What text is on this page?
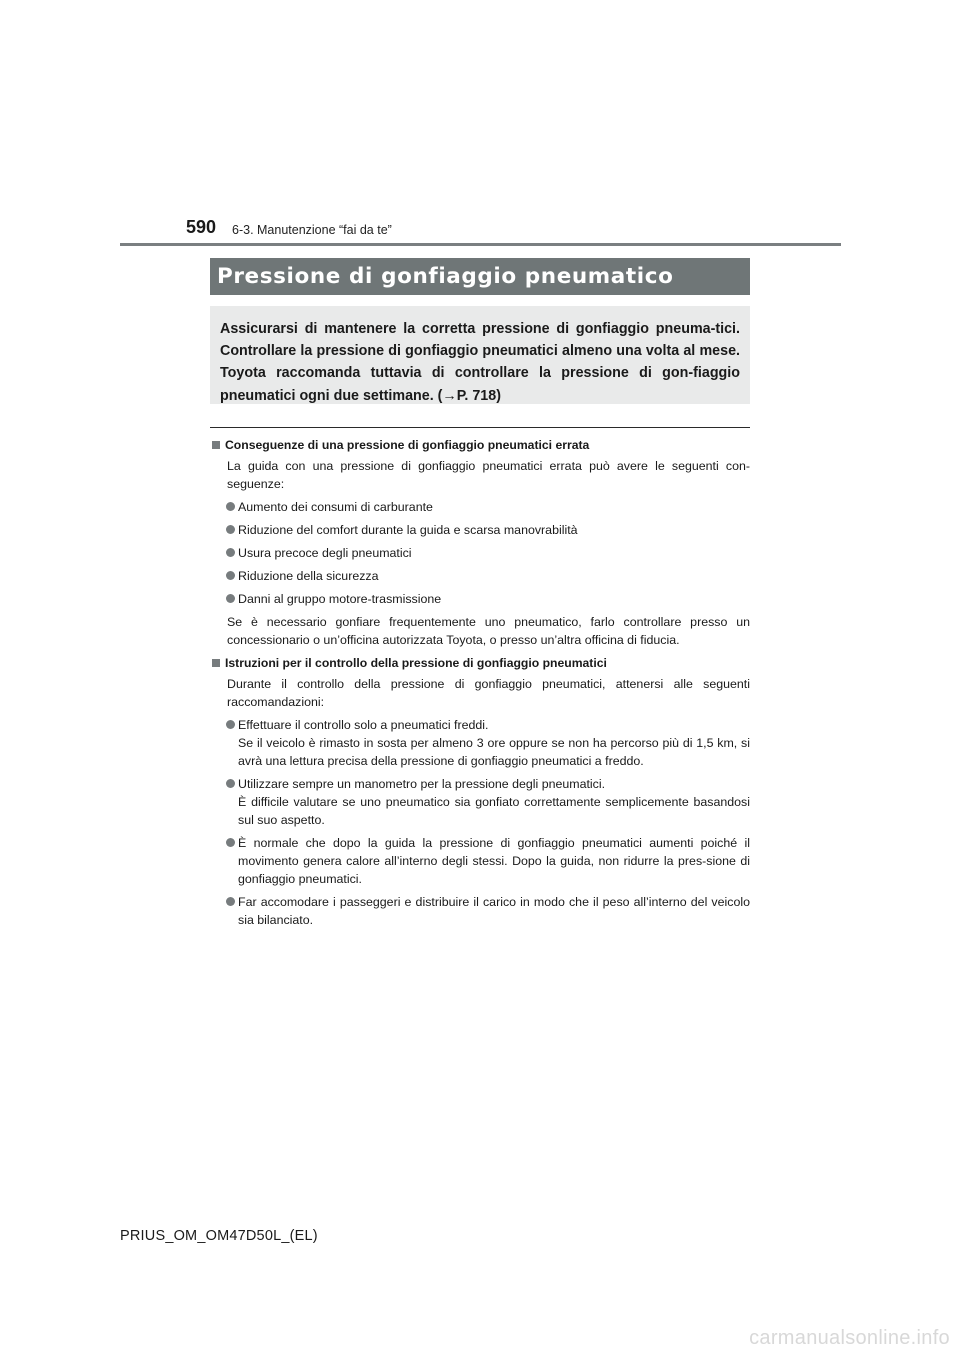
590 6-3. Manutenzione “fai da te”
Pressione di gonfiaggio pneumatico
Assicurarsi di mantenere la corretta pressione di gonfiaggio pneuma-tici. Controllare la pressione di gonfiaggio pneumatici almeno una volta al mese. Toyota raccomanda tuttavia di controllare la pressione di gon-fiaggio pneumatici ogni due settimane. (→P. 718)
Conseguenze di una pressione di gonfiaggio pneumatici errata
La guida con una pressione di gonfiaggio pneumatici errata può avere le seguenti con-seguenze:
Aumento dei consumi di carburante
Riduzione del comfort durante la guida e scarsa manovrabilità
Usura precoce degli pneumatici
Riduzione della sicurezza
Danni al gruppo motore-trasmissione
Se è necessario gonfiare frequentemente uno pneumatico, farlo controllare presso un concessionario o un’officina autorizzata Toyota, o presso un’altra officina di fiducia.
Istruzioni per il controllo della pressione di gonfiaggio pneumatici
Durante il controllo della pressione di gonfiaggio pneumatici, attenersi alle seguenti raccomandazioni:
Effettuare il controllo solo a pneumatici freddi.
Se il veicolo è rimasto in sosta per almeno 3 ore oppure se non ha percorso più di 1,5 km, si avrà una lettura precisa della pressione di gonfiaggio pneumatici a freddo.
Utilizzare sempre un manometro per la pressione degli pneumatici.
È difficile valutare se uno pneumatico sia gonfiato correttamente semplicemente basandosi sul suo aspetto.
È normale che dopo la guida la pressione di gonfiaggio pneumatici aumenti poiché il movimento genera calore all’interno degli stessi. Dopo la guida, non ridurre la pres-sione di gonfiaggio pneumatici.
Far accomodare i passeggeri e distribuire il carico in modo che il peso all’interno del veicolo sia bilanciato.
PRIUS_OM_OM47D50L_(EL)
carmanualsonline.info
